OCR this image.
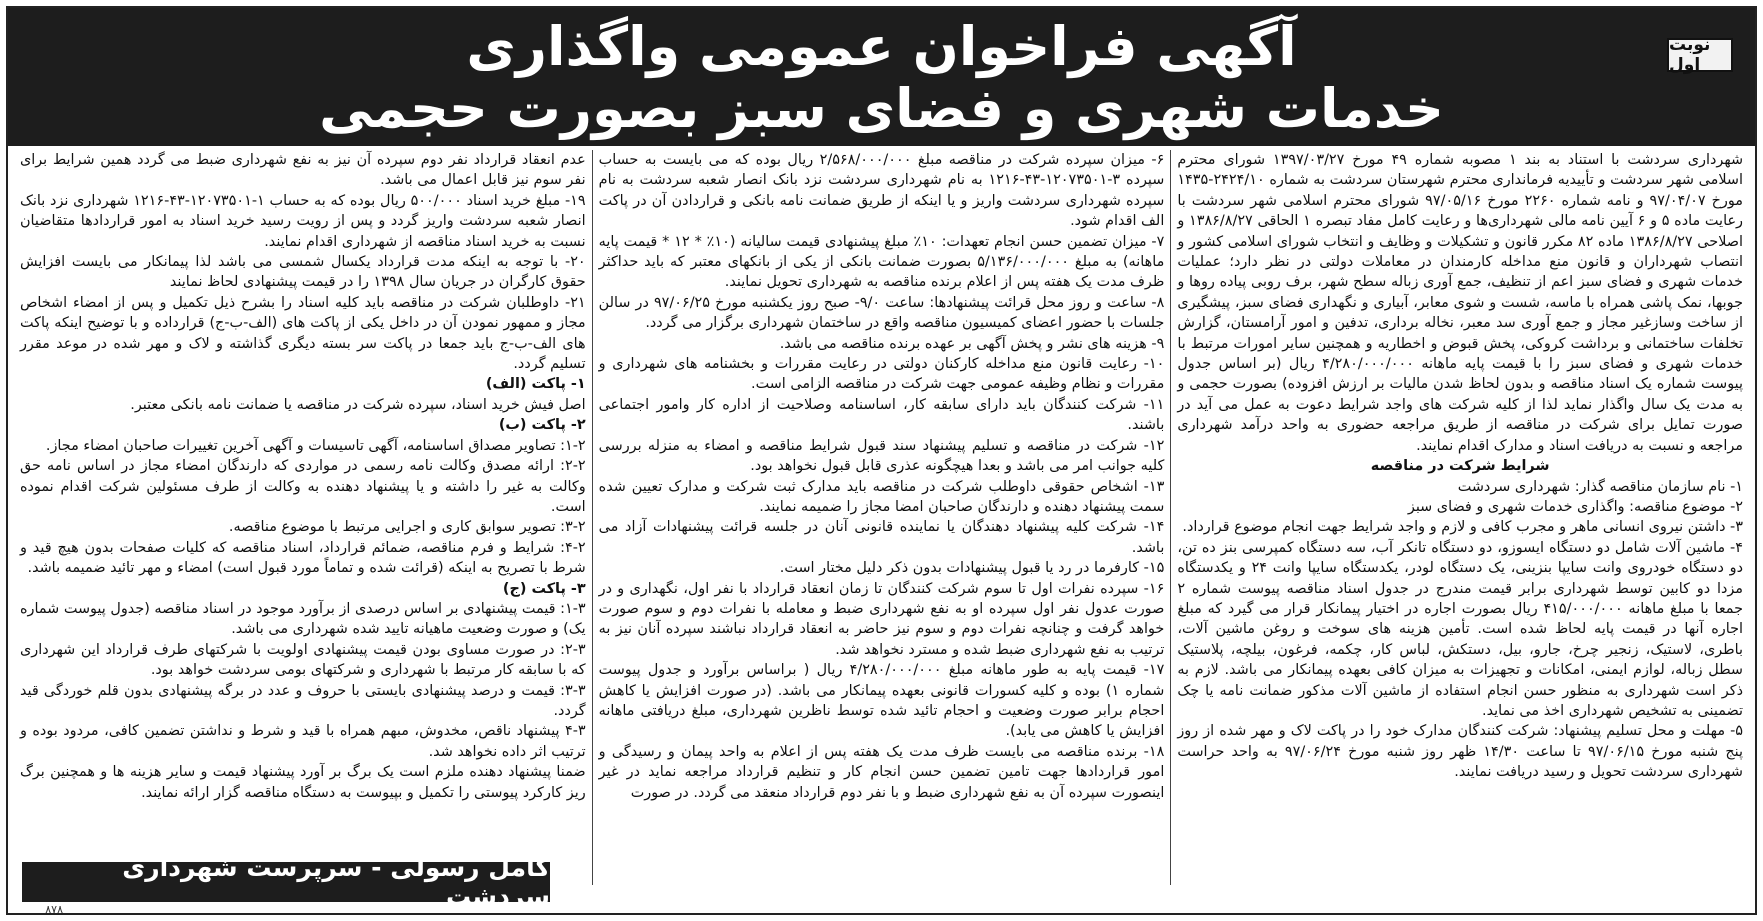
آگهی فراخوان عمومی واگذاری
خدمات شهری و فضای سبز بصورت حجمی
نوبت اول

شهرداری سردشت با استناد به بند ۱ مصوبه شماره ۴۹ مورخ ۱۳۹۷/۰۳/۲۷ شورای محترم اسلامی شهر سردشت و تأییدیه فرمانداری محترم شهرستان سردشت به شماره ۲۴۲۴/۱۰-۱۴۳۵ مورخ ۹۷/۰۴/۰۷ و نامه شماره ۲۲۶۰ مورخ ۹۷/۰۵/۱۶ شورای محترم اسلامی شهر سردشت با رعایت ماده ۵ و ۶ آیین نامه مالی شهرداری‌ها و رعایت کامل مفاد تبصره ۱ الحاقی ۱۳۸۶/۸/۲۷ و اصلاحی ۱۳۸۶/۸/۲۷ ماده ۸۲ مکرر قانون و تشکیلات و وظایف و انتخاب شورای اسلامی کشور و انتصاب شهرداران و قانون منع مداخله کارمندان در معاملات دولتی در نظر دارد؛ عملیات خدمات شهری و فضای سبز اعم از تنظیف، جمع آوری زباله سطح شهر، برف روبی پیاده روها و جوبها، نمک پاشی همراه با ماسه، شست و شوی معابر، آبیاری و نگهداری فضای سبز، پیشگیری از ساخت وسازغیر مجاز و جمع آوری سد معبر، نخاله برداری، تدفین و امور آرامستان، گزارش تخلفات ساختمانی و برداشت کروکی، پخش قبوض و اخطاریه و همچنین سایر امورات مرتبط با خدمات شهری و فضای سبز را با قیمت پایه ماهانه ۴/۲۸۰/۰۰۰/۰۰۰ ریال (بر اساس جدول پیوست شماره یک اسناد مناقصه و بدون لحاظ شدن مالیات بر ارزش افزوده) بصورت حجمی و به مدت یک سال واگذار نماید لذا از کلیه شرکت های واجد شرایط دعوت به عمل می آید در صورت تمایل برای شرکت در مناقصه از طریق مراجعه حضوری به واحد درآمد شهرداری مراجعه و نسبت به دریافت اسناد و مدارک اقدام نمایند.

شرایط شرکت در مناقصه

۱- نام سازمان مناقصه گذار: شهرداری سردشت

۲- موضوع مناقصه: واگذاری خدمات شهری و فضای سبز

۳- داشتن نیروی انسانی ماهر و مجرب کافی و لازم و واجد شرایط جهت انجام موضوع قرارداد.

۴- ماشین آلات شامل دو دستگاه ایسوزو، دو دستگاه تانکر آب، سه دستگاه کمپرسی بنز ده تن، دو دستگاه خودروی وانت سایپا بنزینی، یک دستگاه لودر، یکدستگاه سایپا وانت ۲۴ و یکدستگاه مزدا دو کابین توسط شهرداری برابر قیمت مندرج در جدول اسناد مناقصه پیوست شماره ۲ جمعا با مبلغ ماهانه ۴۱۵/۰۰۰/۰۰۰ ریال بصورت اجاره در اختیار پیمانکار قرار می گیرد که مبلغ اجاره آنها در قیمت پایه لحاظ شده است. تأمین هزینه های سوخت و روغن ماشین آلات، باطری، لاستیک، زنجیر چرخ، جارو، بیل، دستکش، لباس کار، چکمه، فرغون، بیلچه، پلاستیک سطل زباله، لوازم ایمنی، امکانات و تجهیزات به میزان کافی بعهده پیمانکار می باشد. لازم به ذکر است شهرداری به منظور حسن انجام استفاده از ماشین آلات مذکور ضمانت نامه یا چک تضمینی به تشخیص شهرداری اخذ می نماید.

۵- مهلت و محل تسلیم پیشنهاد: شرکت کنندگان مدارک خود را در پاکت لاک و مهر شده از روز پنج شنبه مورخ ۹۷/۰۶/۱۵ تا ساعت ۱۴/۳۰ ظهر روز شنبه مورخ ۹۷/۰۶/۲۴ به واحد حراست شهرداری سردشت تحویل و رسید دریافت نمایند.

۶- میزان سپرده شرکت در مناقصه مبلغ ۲/۵۶۸/۰۰۰/۰۰۰ ریال بوده که می بایست به حساب سپرده ۳-۱۲۰۷۳۵۰۱-۴۳-۱۲۱۶ به نام شهرداری سردشت نزد بانک انصار شعبه سردشت به نام سپرده شهرداری سردشت واریز و یا اینکه از طریق ضمانت نامه بانکی و قراردادن آن در پاکت الف اقدام شود.

۷- میزان تضمین حسن انجام تعهدات: ۱۰٪ مبلغ پیشنهادی قیمت سالیانه (۱۰٪ * ۱۲ * قیمت پایه ماهانه) به مبلغ ۵/۱۳۶/۰۰۰/۰۰۰ بصورت ضمانت بانکی از یکی از بانکهای معتبر که باید حداکثر ظرف مدت یک هفته پس از اعلام برنده مناقصه به شهرداری تحویل نمایند.

۸- ساعت و روز محل قرائت پیشنهادها: ساعت ۹/۰- صبح روز یکشنبه مورخ ۹۷/۰۶/۲۵ در سالن جلسات با حضور اعضای کمیسیون مناقصه واقع در ساختمان شهرداری برگزار می گردد.

۹- هزینه های نشر و پخش آگهی بر عهده برنده مناقصه می باشد.

۱۰- رعایت قانون منع مداخله کارکنان دولتی در رعایت مقررات و بخشنامه های شهرداری و مقررات و نظام وظیفه عمومی جهت شرکت در مناقصه الزامی است.

۱۱- شرکت کنندگان باید دارای سابقه کار، اساسنامه وصلاحیت از اداره کار وامور اجتماعی باشند.

۱۲- شرکت در مناقصه و تسلیم پیشنهاد سند قبول شرایط مناقصه و امضاء به منزله بررسی کلیه جوانب امر می باشد و بعدا هیچگونه عذری قابل قبول نخواهد بود.

۱۳- اشخاص حقوقی داوطلب شرکت در مناقصه باید مدارک ثبت شرکت و مدارک تعیین شده سمت پیشنهاد دهنده و دارندگان صاحبان امضا مجاز را ضمیمه نمایند.

۱۴- شرکت کلیه پیشنهاد دهندگان یا نماینده قانونی آنان در جلسه قرائت پیشنهادات آزاد می باشد.

۱۵- کارفرما در رد یا قبول پیشنهادات بدون ذکر دلیل مختار است.

۱۶- سپرده نفرات اول تا سوم شرکت کنندگان تا زمان انعقاد قرارداد با نفر اول، نگهداری و در صورت عدول نفر اول سپرده او به نفع شهرداری ضبط و معامله با نفرات دوم و سوم صورت خواهد گرفت و چنانچه نفرات دوم و سوم نیز حاضر به انعقاد قرارداد نباشند سپرده آنان نیز به ترتیب به نفع شهرداری ضبط شده و مسترد نخواهد شد.

۱۷- قیمت پایه به طور ماهانه مبلغ ۴/۲۸۰/۰۰۰/۰۰۰ ریال ( براساس برآورد و جدول پیوست شماره ۱) بوده و کلیه کسورات قانونی بعهده پیمانکار می باشد. (در صورت افزایش یا کاهش احجام برابر صورت وضعیت و احجام تائید شده توسط ناظرین شهرداری، مبلغ دریافتی ماهانه افزایش یا کاهش می یابد).

۱۸- برنده مناقصه می بایست ظرف مدت یک هفته پس از اعلام به واحد پیمان و رسیدگی و امور قراردادها جهت تامین تضمین حسن انجام کار و تنظیم قرارداد مراجعه نماید در غیر اینصورت سپرده آن به نفع شهرداری ضبط و با نفر دوم قرارداد منعقد می گردد. در صورت

عدم انعقاد قرارداد نفر دوم سپرده آن نیز به نفع شهرداری ضبط می گردد همین شرایط برای نفر سوم نیز قابل اعمال می باشد.

۱۹- مبلغ خرید اسناد ۵۰۰/۰۰۰ ریال بوده که به حساب ۱-۱۲۰۷۳۵۰۱-۴۳-۱۲۱۶ شهرداری نزد بانک انصار شعبه سردشت واریز گردد و پس از رویت رسید خرید اسناد به امور قراردادها متقاضیان نسبت به خرید اسناد مناقصه از شهرداری اقدام نمایند.

۲۰- با توجه به اینکه مدت قرارداد یکسال شمسی می باشد لذا پیمانکار می بایست افزایش حقوق کارگران در جریان سال ۱۳۹۸ را در قیمت پیشنهادی لحاظ نمایند

۲۱- داوطلبان شرکت در مناقصه باید کلیه اسناد را بشرح ذیل تکمیل و پس از امضاء اشخاص مجاز و ممهور نمودن آن در داخل یکی از پاکت های (الف-ب-ج) قرارداده و با توضیح اینکه پاکت های الف-ب-ج باید جمعا در پاکت سر بسته دیگری گذاشته و لاک و مهر شده در موعد مقرر تسلیم گردد.

۱- پاکت (الف)

اصل فیش خرید اسناد، سپرده شرکت در مناقصه یا ضمانت نامه بانکی معتبر.

۲- پاکت (ب)

۱-۲: تصاویر مصداق اساسنامه، آگهی تاسیسات و آگهی آخرین تغییرات صاحبان امضاء مجاز.

۲-۲: ارائه مصدق وکالت نامه رسمی در مواردی که دارندگان امضاء مجاز در اساس نامه حق وکالت به غیر را داشته و یا پیشنهاد دهنده به وکالت از طرف مسئولین شرکت اقدام نموده است.

۳-۲: تصویر سوابق کاری و اجرایی مرتبط با موضوع مناقصه.

۴-۲: شرایط و فرم مناقصه، ضمائم قرارداد، اسناد مناقصه که کلیات صفحات بدون هیچ قید و شرط با تصریح به اینکه (قرائت شده و تماماً مورد قبول است) امضاء و مهر تائید ضمیمه باشد.

۳- پاکت (ج)

۱-۳: قیمت پیشنهادی بر اساس درصدی از برآورد موجود در اسناد مناقصه (جدول پیوست شماره یک) و صورت وضعیت ماهیانه تایید شده شهرداری می باشد.

۲-۳: در صورت مساوی بودن قیمت پیشنهادی اولویت با شرکتهای طرف قرارداد این شهرداری که با سابقه کار مرتبط با شهرداری و شرکتهای بومی سردشت خواهد بود.

۳-۳: قیمت و درصد پیشنهادی بایستی با حروف و عدد در برگه پیشنهادی بدون قلم خوردگی قید گردد.

۴-۳ پیشنهاد ناقص، مخدوش، مبهم همراه با قید و شرط و نداشتن تضمین کافی، مردود بوده و ترتیب اثر داده نخواهد شد.

ضمنا پیشنهاد دهنده ملزم است یک برگ بر آورد پیشنهاد قیمت و سایر هزینه ها و همچنین برگ ریز کارکرد پیوستی را تکمیل و بپیوست به دستگاه مناقصه گزار ارائه نمایند.

کامل رسولی - سرپرست شهرداری سردشت
۸۷۸
